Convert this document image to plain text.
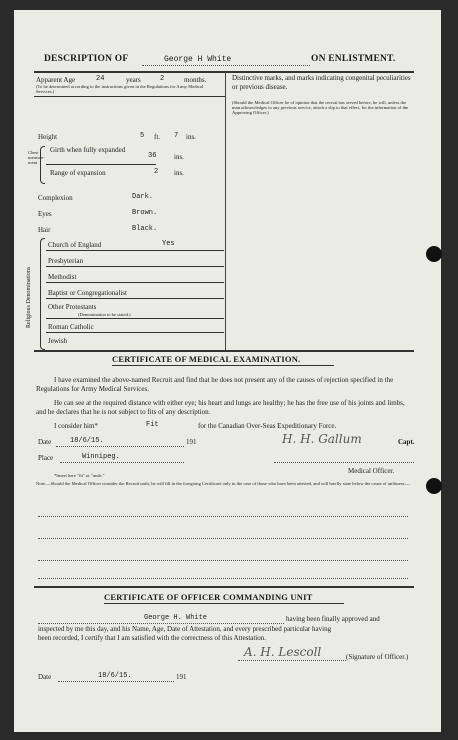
DESCRIPTION OF	George H White	ON ENLISTMENT.
Apparent Age	24	years	2	months.
(To be determined according to the instructions given in the Regulations for Army Medical Services.)
Distinctive marks, and marks indicating congenital peculiarities or previous disease.
(Should the Medical Officer be of opinion that the recruit has served before, he will, unless the man acknowledges to any previous service, attach a slip to that effect, for the information of the Approving Officer.)
Height	5 ft. 7 ins.
Chest measure-ment
Girth when fully expanded
36	ins.
Range of expansion	2 ins.
Complexion	Dark.
Eyes	Brown.
Hair	Black.
Religious Denominations
Church of England	Yes
Presbyterian
Methodist
Baptist or Congregationalist
Other Protestants
(Denomination to be stated.)
Roman Catholic
Jewish
CERTIFICATE OF MEDICAL EXAMINATION.
I have examined the above-named Recruit and find that he does not present any of the causes of rejection specified in the Regulations for Army Medical Services.
He can see at the required distance with either eye; his heart and lungs are healthy; he has the free use of his joints and limbs, and he declares that he is not subject to fits of any description.
I consider him*	Fit	for the Canadian Over-Seas Expeditionary Force.
Date	18/6/15.	191	H. H. Gallum	Capt.
Place	Winnipeg.
Medical Officer.
*Insert here "fit" or "unfit."
Note.—Should the Medical Officer consider the Recruit unfit, he will fill in the foregoing Certificate only in the case of those who have been attested, and will briefly state below the cause of unfitness:—
CERTIFICATE OF OFFICER COMMANDING UNIT
George H. White	having been finally approved and
inspected by me this day, and his Name, Age, Date of Attestation, and every prescribed particular having
been recorded, I certify that I am satisfied with the correctness of this Attestation.
A. H. Lescoll	(Signature of Officer.)
Date	18/6/15.	191
